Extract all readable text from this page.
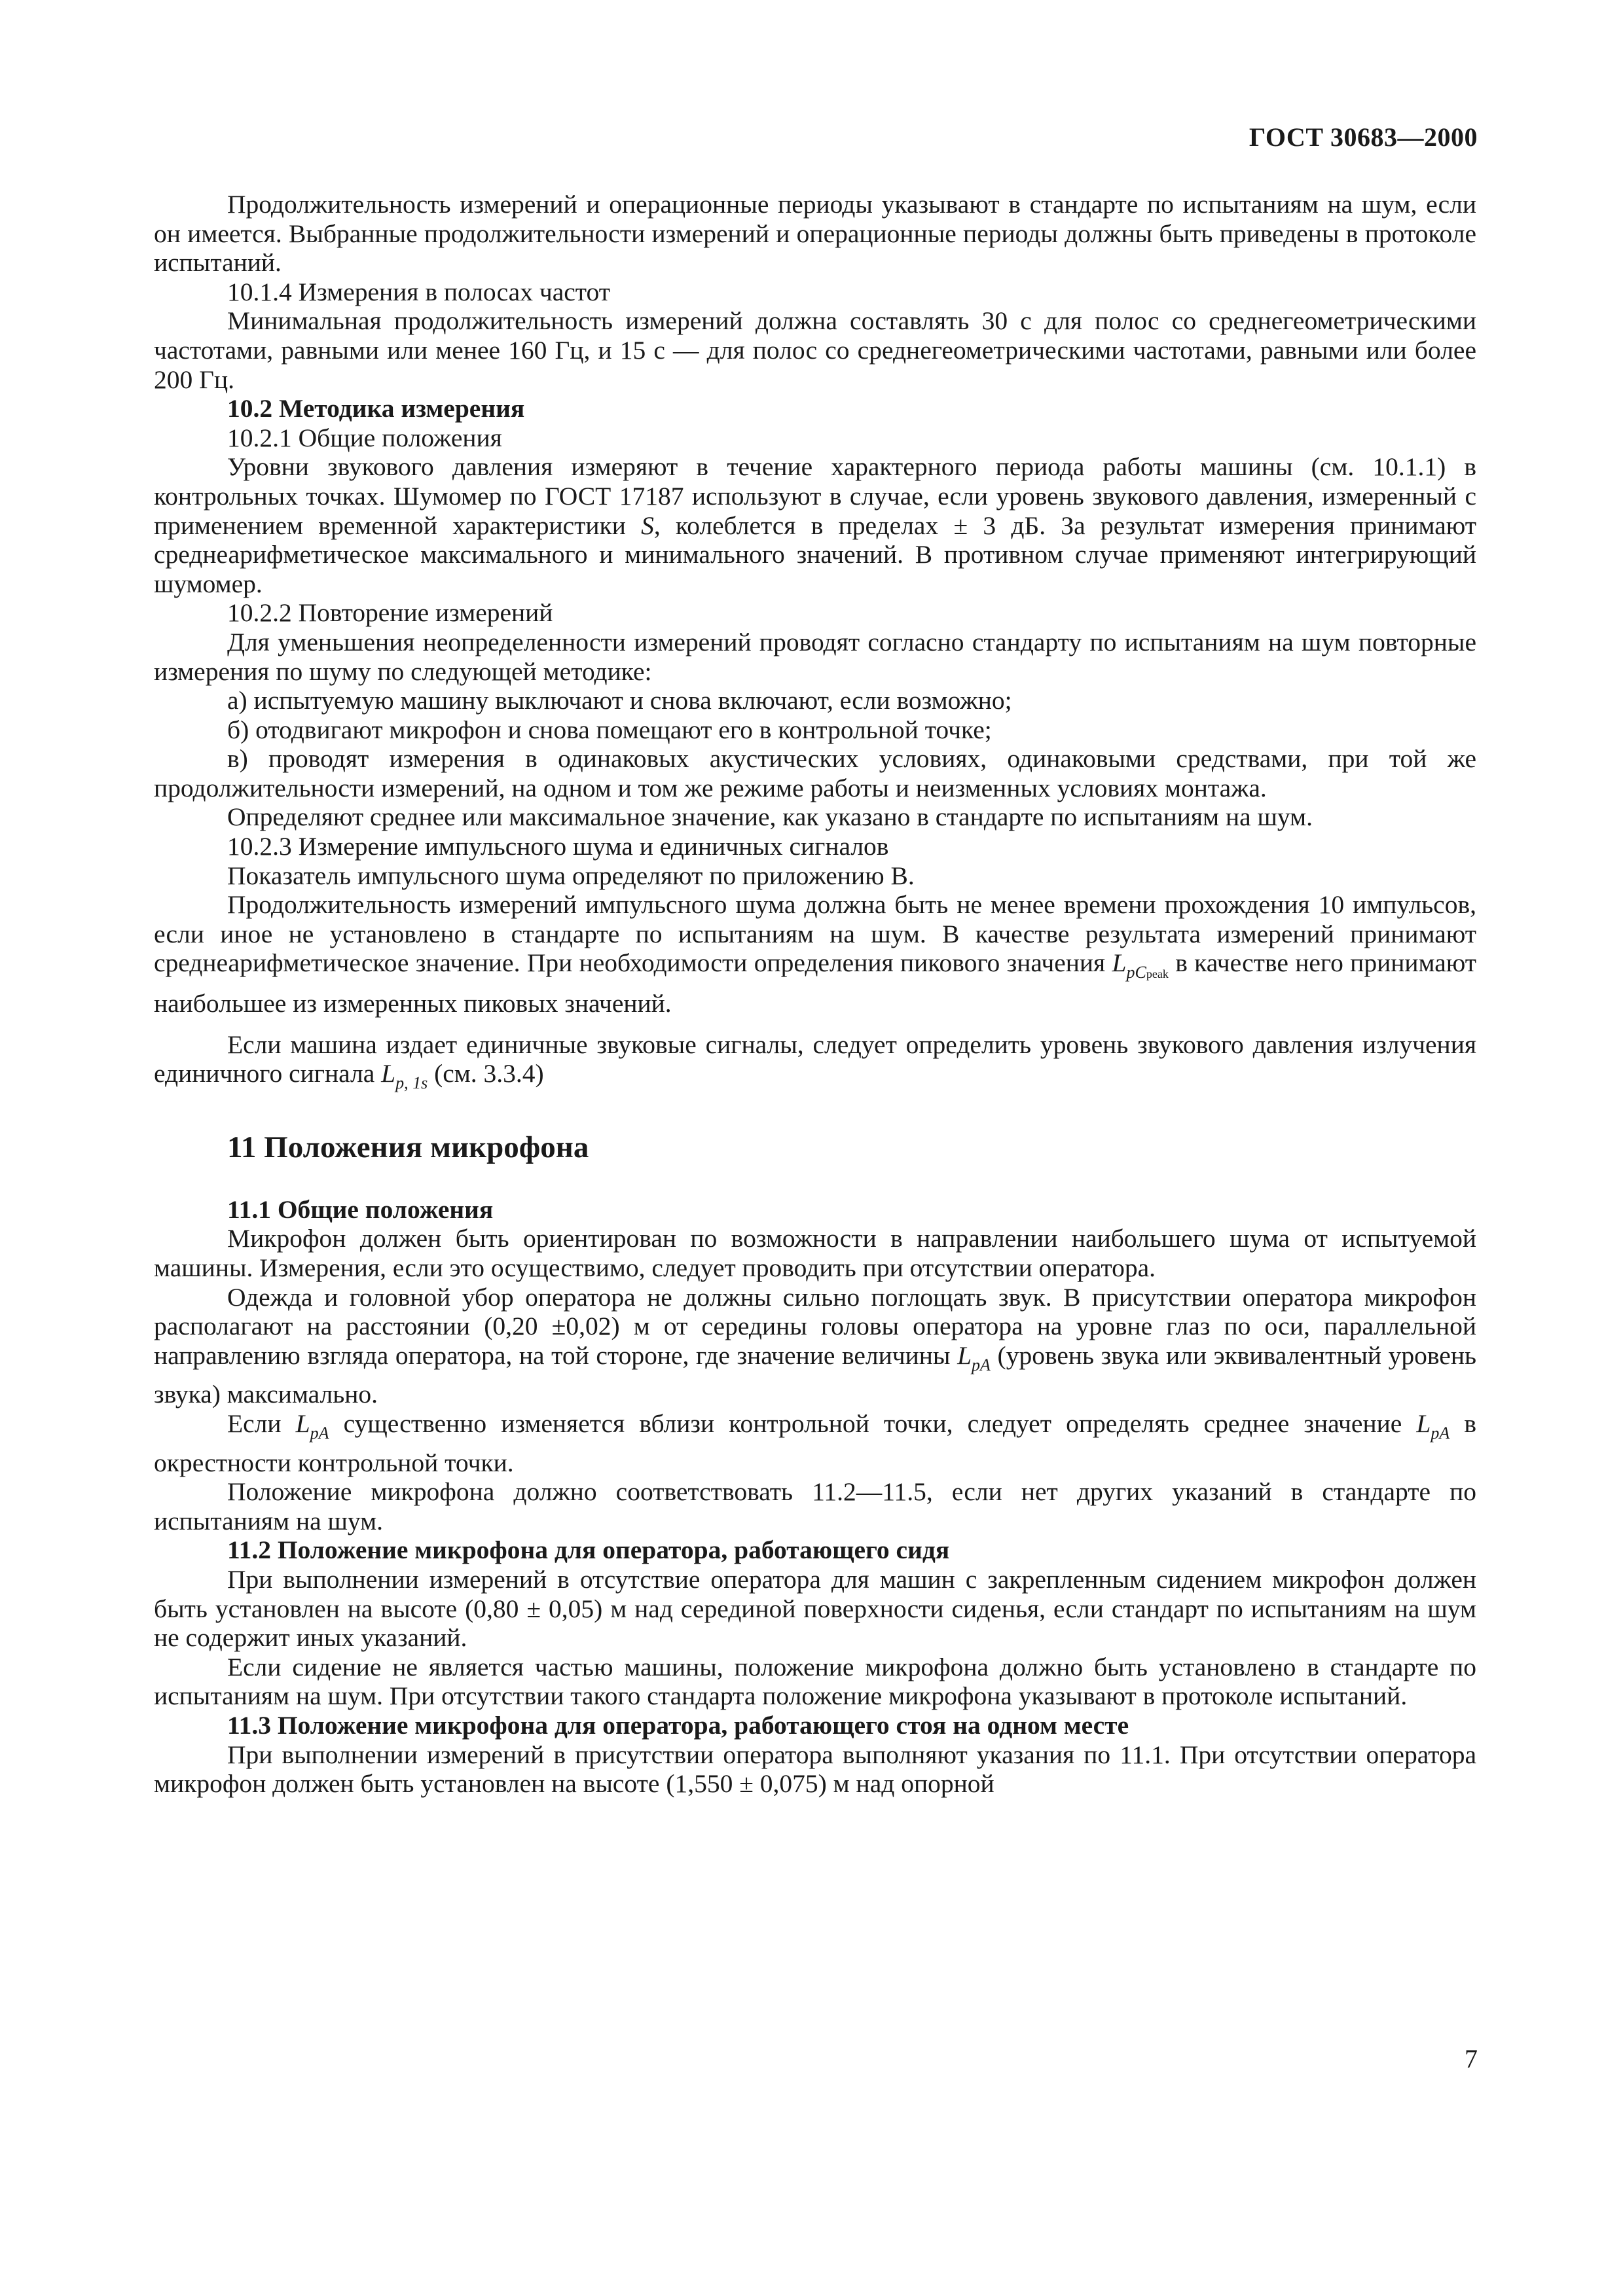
ГОСТ 30683—2000

Продолжительность измерений и операционные периоды указывают в стандарте по испытаниям на шум, если он имеется. Выбранные продолжительности измерений и операционные периоды должны быть приведены в протоколе испытаний.

10.1.4 Измерения в полосах частот

Минимальная продолжительность измерений должна составлять 30 с для полос со среднегеометрическими частотами, равными или менее 160 Гц, и 15 с — для полос со среднегеометрическими частотами, равными или более 200 Гц.

10.2 Методика измерения

10.2.1 Общие положения

Уровни звукового давления измеряют в течение характерного периода работы машины (см. 10.1.1) в контрольных точках. Шумомер по ГОСТ 17187 используют в случае, если уровень звукового давления, измеренный с применением временной характеристики S, колеблется в пределах ± 3 дБ. За результат измерения принимают среднеарифметическое максимального и минимального значений. В противном случае применяют интегрирующий шумомер.

10.2.2 Повторение измерений

Для уменьшения неопределенности измерений проводят согласно стандарту по испытаниям на шум повторные измерения по шуму по следующей методике:

а) испытуемую машину выключают и снова включают, если возможно;

б) отодвигают микрофон и снова помещают его в контрольной точке;

в) проводят измерения в одинаковых акустических условиях, одинаковыми средствами, при той же продолжительности измерений, на одном и том же режиме работы и неизменных условиях монтажа.

Определяют среднее или максимальное значение, как указано в стандарте по испытаниям на шум.

10.2.3 Измерение импульсного шума и единичных сигналов

Показатель импульсного шума определяют по приложению В.

Продолжительность измерений импульсного шума должна быть не менее времени прохождения 10 импульсов, если иное не установлено в стандарте по испытаниям на шум. В качестве результата измерений принимают среднеарифметическое значение. При необходимости определения пикового значения $L_{pCpeak}$ в качестве него принимают наибольшее из измеренных пиковых значений.

Если машина издает единичные звуковые сигналы, следует определить уровень звукового давления излучения единичного сигнала $L_{p, 1s}$ (см. 3.3.4)

11 Положения микрофона

11.1 Общие положения

Микрофон должен быть ориентирован по возможности в направлении наибольшего шума от испытуемой машины. Измерения, если это осуществимо, следует проводить при отсутствии оператора.

Одежда и головной убор оператора не должны сильно поглощать звук. В присутствии оператора микрофон располагают на расстоянии (0,20 ±0,02) м от середины головы оператора на уровне глаз по оси, параллельной направлению взгляда оператора, на той стороне, где значение величины $L_{pA}$ (уровень звука или эквивалентный уровень звука) максимально.

Если $L_{pA}$ существенно изменяется вблизи контрольной точки, следует определять среднее значение $L_{pA}$ в окрестности контрольной точки.

Положение микрофона должно соответствовать 11.2—11.5, если нет других указаний в стандарте по испытаниям на шум.

11.2 Положение микрофона для оператора, работающего сидя

При выполнении измерений в отсутствие оператора для машин с закрепленным сидением микрофон должен быть установлен на высоте (0,80 ± 0,05) м над серединой поверхности сиденья, если стандарт по испытаниям на шум не содержит иных указаний.

Если сидение не является частью машины, положение микрофона должно быть установлено в стандарте по испытаниям на шум. При отсутствии такого стандарта положение микрофона указывают в протоколе испытаний.

11.3 Положение микрофона для оператора, работающего стоя на одном месте

При выполнении измерений в присутствии оператора выполняют указания по 11.1. При отсутствии оператора микрофон должен быть установлен на высоте (1,550 ± 0,075) м над опорной

7
